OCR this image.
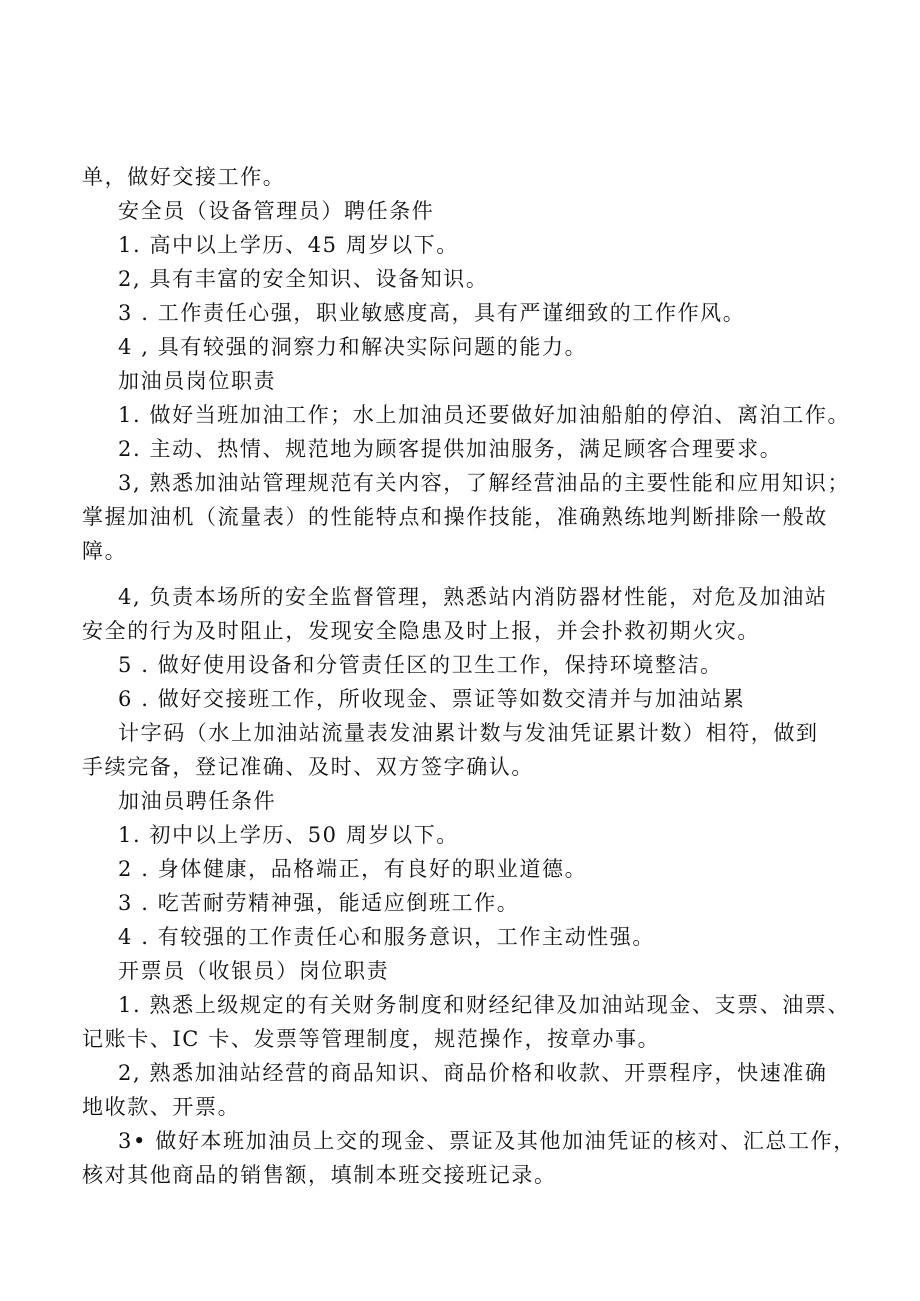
单，做好交接工作。

安全员（设备管理员）聘任条件

1. 高中以上学历、45 周岁以下。

2, 具有丰富的安全知识、设备知识。

3 . 工作责任心强，职业敏感度高，具有严谨细致的工作作风。

4 , 具有较强的洞察力和解决实际问题的能力。

加油员岗位职责

1. 做好当班加油工作；水上加油员还要做好加油船舶的停泊、离泊工作。

2. 主动、热情、规范地为顾客提供加油服务，满足顾客合理要求。

3, 熟悉加油站管理规范有关内容，了解经营油品的主要性能和应用知识；

掌握加油机（流量表）的性能特点和操作技能，准确熟练地判断排除一般故

障。

4, 负责本场所的安全监督管理，熟悉站内消防器材性能，对危及加油站

安全的行为及时阻止，发现安全隐患及时上报，并会扑救初期火灾。

5 . 做好使用设备和分管责任区的卫生工作，保持环境整洁。

6 . 做好交接班工作，所收现金、票证等如数交清并与加油站累

计字码（水上加油站流量表发油累计数与发油凭证累计数）相符，做到

手续完备，登记准确、及时、双方签字确认。

加油员聘任条件

1. 初中以上学历、50 周岁以下。

2 . 身体健康，品格端正，有良好的职业道德。

3 . 吃苦耐劳精神强，能适应倒班工作。

4 . 有较强的工作责任心和服务意识，工作主动性强。

开票员（收银员）岗位职责

1. 熟悉上级规定的有关财务制度和财经纪律及加油站现金、支票、油票、

记账卡、IC 卡、发票等管理制度，规范操作，按章办事。

2, 熟悉加油站经营的商品知识、商品价格和收款、开票程序，快速准确

地收款、开票。

3• 做好本班加油员上交的现金、票证及其他加油凭证的核对、汇总工作，

核对其他商品的销售额，填制本班交接班记录。
